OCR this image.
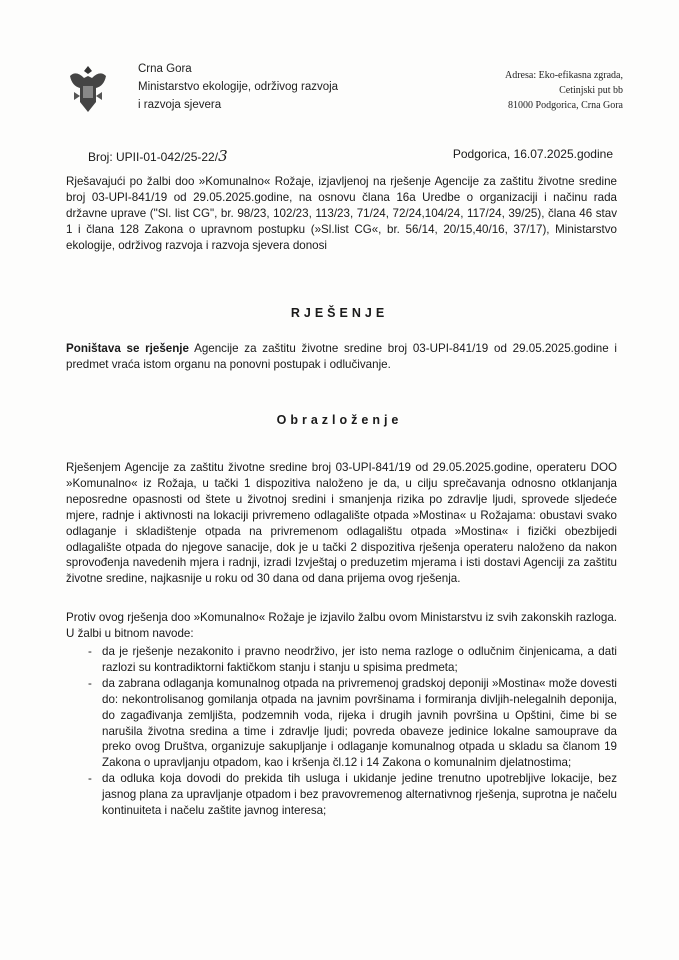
Crna Gora
Ministarstvo ekologije, održivog razvoja
i razvoja sjevera
Adresa: Eko-efikasna zgrada,
Cetinjski put bb
81000 Podgorica, Crna Gora
Broj: UPII-01-042/25-22/3	Podgorica, 16.07.2025.godine
Rješavajući po žalbi doo »Komunalno« Rožaje, izjavljenoj na rješenje Agencije za zaštitu životne sredine broj 03-UPI-841/19 od 29.05.2025.godine, na osnovu člana 16a Uredbe o organizaciji i načinu rada državne uprave ("Sl. list CG", br. 98/23, 102/23, 113/23, 71/24, 72/24,104/24, 117/24, 39/25), člana 46 stav 1 i člana 128 Zakona o upravnom postupku (»Sl.list CG«, br. 56/14, 20/15,40/16, 37/17), Ministarstvo ekologije, održivog razvoja i razvoja sjevera donosi
RJEŠENJE
Poništava se rješenje Agencije za zaštitu životne sredine broj 03-UPI-841/19 od 29.05.2025.godine i predmet vraća istom organu na ponovni postupak i odlučivanje.
Obrazloženje
Rješenjem Agencije za zaštitu životne sredine broj 03-UPI-841/19 od 29.05.2025.godine, operateru DOO »Komunalno« iz Rožaja, u tački 1 dispozitiva naloženo je da, u cilju sprečavanja odnosno otklanjanja neposredne opasnosti od štete u životnoj sredini i smanjenja rizika po zdravlje ljudi, sprovede sljedeće mjere, radnje i aktivnosti na lokaciji privremeno odlagalište otpada »Mostina« u Rožajama: obustavi svako odlaganje i skladištenje otpada na privremenom odlagalištu otpada »Mostina« i fizički obezbijedi odlagalište otpada do njegove sanacije, dok je u tački 2 dispozitiva rješenja operateru naloženo da nakon sprovođenja navedenih mjera i radnji, izradi Izvještaj o preduzetim mjerama i isti dostavi Agenciji za zaštitu životne sredine, najkasnije u roku od 30 dana od dana prijema ovog rješenja.
Protiv ovog rješenja doo »Komunalno« Rožaje je izjavilo žalbu ovom Ministarstvu iz svih zakonskih razloga. U žalbi u bitnom navode:
- da je rješenje nezakonito i pravno neodrživo, jer isto nema razloge o odlučnim činjenicama, a dati razlozi su kontradiktorni faktičkom stanju i stanju u spisima predmeta;
- da zabrana odlaganja komunalnog otpada na privremenoj gradskoj deponiji »Mostina« može dovesti do: nekontrolisanog gomilanja otpada na javnim površinama i formiranja divljih-nelegalnih deponija, do zagađivanja zemljišta, podzemnih voda, rijeka i drugih javnih površina u Opštini, čime bi se narušila životna sredina a time i zdravlje ljudi; povreda obaveze jedinice lokalne samouprave da preko ovog Društva, organizuje sakupljanje i odlaganje komunalnog otpada u skladu sa članom 19 Zakona o upravljanju otpadom, kao i kršenja čl.12 i 14 Zakona o komunalnim djelatnostima;
- da odluka koja dovodi do prekida tih usluga i ukidanje jedine trenutno upotrebljive lokacije, bez jasnog plana za upravljanje otpadom i bez pravovremenog alternativnog rješenja, suprotna je načelu kontinuiteta i načelu zaštite javnog interesa;
